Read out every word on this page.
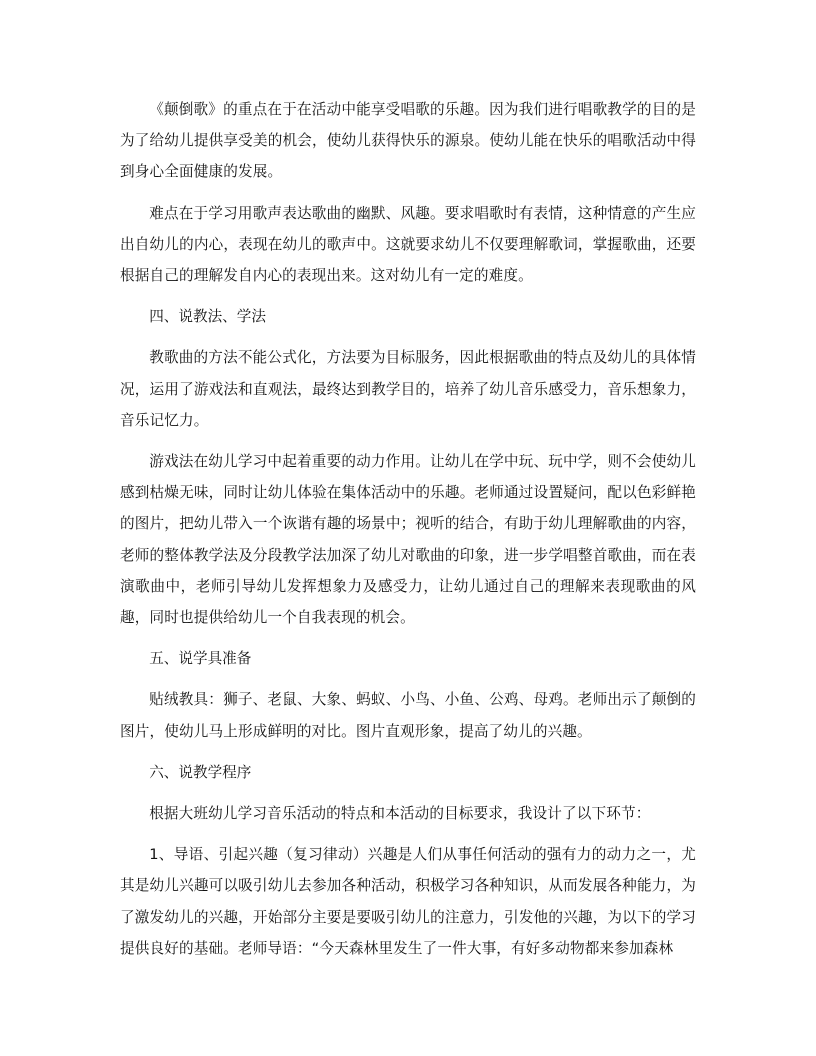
《颠倒歌》的重点在于在活动中能享受唱歌的乐趣。因为我们进行唱歌教学的目的是为了给幼儿提供享受美的机会，使幼儿获得快乐的源泉。使幼儿能在快乐的唱歌活动中得到身心全面健康的发展。

难点在于学习用歌声表达歌曲的幽默、风趣。要求唱歌时有表情，这种情意的产生应出自幼儿的内心，表现在幼儿的歌声中。这就要求幼儿不仅要理解歌词，掌握歌曲，还要根据自己的理解发自内心的表现出来。这对幼儿有一定的难度。

四、说教法、学法

教歌曲的方法不能公式化，方法要为目标服务，因此根据歌曲的特点及幼儿的具体情况，运用了游戏法和直观法，最终达到教学目的，培养了幼儿音乐感受力，音乐想象力，音乐记忆力。

游戏法在幼儿学习中起着重要的动力作用。让幼儿在学中玩、玩中学，则不会使幼儿感到枯燥无味，同时让幼儿体验在集体活动中的乐趣。老师通过设置疑问，配以色彩鲜艳的图片，把幼儿带入一个诙谐有趣的场景中；视听的结合，有助于幼儿理解歌曲的内容，老师的整体教学法及分段教学法加深了幼儿对歌曲的印象，进一步学唱整首歌曲，而在表演歌曲中，老师引导幼儿发挥想象力及感受力，让幼儿通过自己的理解来表现歌曲的风趣，同时也提供给幼儿一个自我表现的机会。

五、说学具准备

贴绒教具：狮子、老鼠、大象、蚂蚁、小鸟、小鱼、公鸡、母鸡。老师出示了颠倒的图片，使幼儿马上形成鲜明的对比。图片直观形象，提高了幼儿的兴趣。

六、说教学程序

根据大班幼儿学习音乐活动的特点和本活动的目标要求，我设计了以下环节：

1、导语、引起兴趣（复习律动）兴趣是人们从事任何活动的强有力的动力之一，尤其是幼儿兴趣可以吸引幼儿去参加各种活动，积极学习各种知识，从而发展各种能力，为了激发幼儿的兴趣，开始部分主要是要吸引幼儿的注意力，引发他的兴趣，为以下的学习提供良好的基础。老师导语：“今天森林里发生了一件大事，有好多动物都来参加森林
